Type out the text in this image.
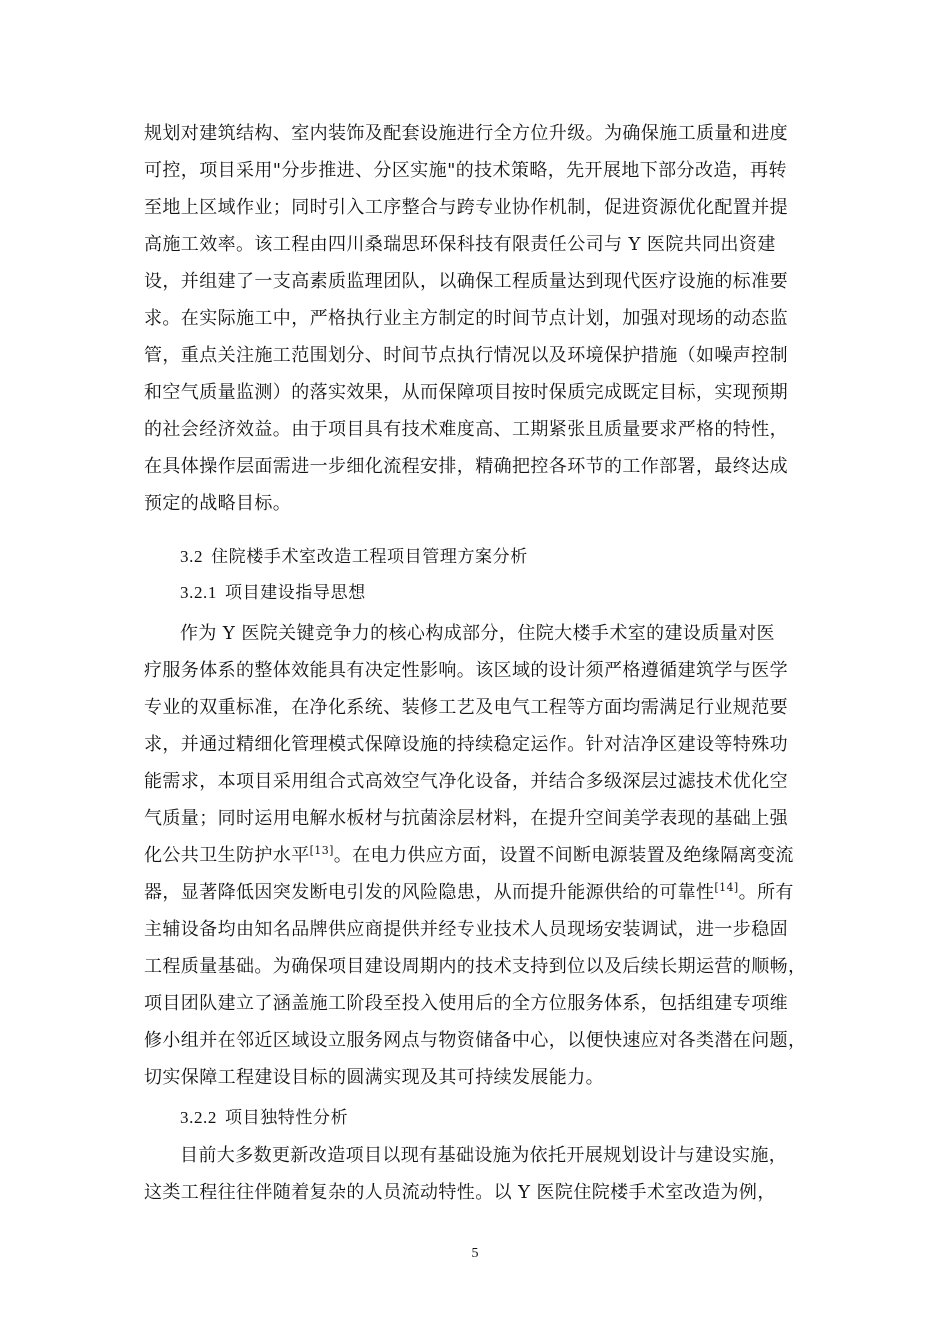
规划对建筑结构、室内装饰及配套设施进行全方位升级。为确保施工质量和进度
可控，项目采用"分步推进、分区实施"的技术策略，先开展地下部分改造，再转
至地上区域作业；同时引入工序整合与跨专业协作机制，促进资源优化配置并提
高施工效率。该工程由四川桑瑞思环保科技有限责任公司与 Y 医院共同出资建
设，并组建了一支高素质监理团队，以确保工程质量达到现代医疗设施的标准要
求。在实际施工中，严格执行业主方制定的时间节点计划，加强对现场的动态监
管，重点关注施工范围划分、时间节点执行情况以及环境保护措施（如噪声控制
和空气质量监测）的落实效果，从而保障项目按时保质完成既定目标，实现预期
的社会经济效益。由于项目具有技术难度高、工期紧张且质量要求严格的特性，
在具体操作层面需进一步细化流程安排，精确把控各环节的工作部署，最终达成
预定的战略目标。
3.2 住院楼手术室改造工程项目管理方案分析
3.2.1 项目建设指导思想
作为 Y 医院关键竞争力的核心构成部分，住院大楼手术室的建设质量对医
疗服务体系的整体效能具有决定性影响。该区域的设计须严格遵循建筑学与医学
专业的双重标准，在净化系统、装修工艺及电气工程等方面均需满足行业规范要
求，并通过精细化管理模式保障设施的持续稳定运作。针对洁净区建设等特殊功
能需求，本项目采用组合式高效空气净化设备，并结合多级深层过滤技术优化空
气质量；同时运用电解水板材与抗菌涂层材料，在提升空间美学表现的基础上强
化公共卫生防护水平[13]。在电力供应方面，设置不间断电源装置及绝缘隔离变流
器，显著降低因突发断电引发的风险隐患，从而提升能源供给的可靠性[14]。所有
主辅设备均由知名品牌供应商提供并经专业技术人员现场安装调试，进一步稳固
工程质量基础。为确保项目建设周期内的技术支持到位以及后续长期运营的顺畅，
项目团队建立了涵盖施工阶段至投入使用后的全方位服务体系，包括组建专项维
修小组并在邻近区域设立服务网点与物资储备中心，以便快速应对各类潜在问题，
切实保障工程建设目标的圆满实现及其可持续发展能力。
3.2.2 项目独特性分析
目前大多数更新改造项目以现有基础设施为依托开展规划设计与建设实施，
这类工程往往伴随着复杂的人员流动特性。以 Y 医院住院楼手术室改造为例，
5
